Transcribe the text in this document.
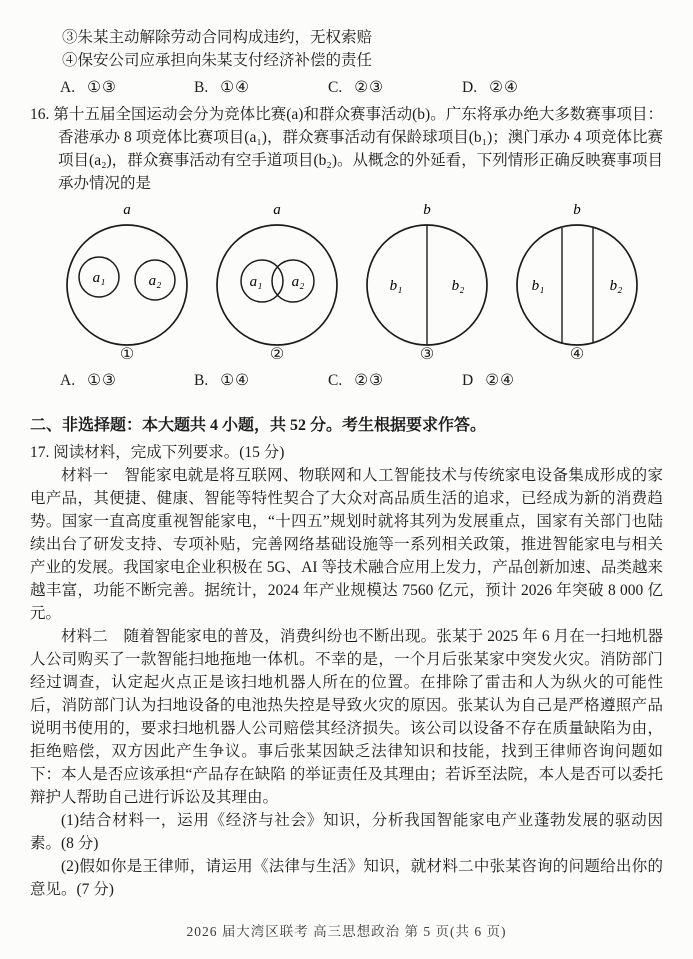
③朱某主动解除劳动合同构成违约，无权索赔
④保安公司应承担向朱某支付经济补偿的责任
A. ①③	B. ①④	C. ②③	D. ②④
16. 第十五届全国运动会分为竞体比赛(a)和群众赛事活动(b)。广东将承办绝大多数赛事项目：香港承办 8 项竞体比赛项目(a₁)，群众赛事活动有保龄球项目(b₁)；澳门承办 4 项竞体比赛项目(a₂)，群众赛事活动有空手道项目(b₂)。从概念的外延看，下列情形正确反映赛事项目承办情况的是
a
a₁	a₂
①
a
a₁ a₂
②
b
b₁	b₂
③
b
b₁	b₂
④
A. ①③	B. ①④	C. ②③	D ②④
二、非选择题：本大题共 4 小题，共 52 分。考生根据要求作答。
17. 阅读材料，完成下列要求。(15 分)
材料一　智能家电就是将互联网、物联网和人工智能技术与传统家电设备集成形成的家电产品，其便捷、健康、智能等特性契合了大众对高品质生活的追求，已经成为新的消费趋势。国家一直高度重视智能家电，“十四五”规划时就将其列为发展重点，国家有关部门也陆续出台了研发支持、专项补贴，完善网络基础设施等一系列相关政策，推进智能家电与相关产业的发展。我国家电企业积极在 5G、AI 等技术融合应用上发力，产品创新加速、品类越来越丰富，功能不断完善。据统计，2024 年产业规模达 7560 亿元，预计 2026 年突破 8 000 亿元。
材料二　随着智能家电的普及，消费纠纷也不断出现。张某于 2025 年 6 月在一扫地机器人公司购买了一款智能扫地拖地一体机。不幸的是，一个月后张某家中突发火灾。消防部门经过调查，认定起火点正是该扫地机器人所在的位置。在排除了雷击和人为纵火的可能性后，消防部门认为扫地设备的电池热失控是导致火灾的原因。张某认为自己是严格遵照产品说明书使用的，要求扫地机器人公司赔偿其经济损失。该公司以设备不存在质量缺陷为由，拒绝赔偿，双方因此产生争议。事后张某因缺乏法律知识和技能，找到王律师咨询问题如下：本人是否应该承担“产品存在缺陷 的举证责任及其理由；若诉至法院，本人是否可以委托辩护人帮助自己进行诉讼及其理由。
(1)结合材料一，运用《经济与社会》知识，分析我国智能家电产业蓬勃发展的驱动因素。(8 分)
(2)假如你是王律师，请运用《法律与生活》知识，就材料二中张某咨询的问题给出你的意见。(7 分)
2026 届大湾区联考 高三思想政治 第 5 页(共 6 页)
